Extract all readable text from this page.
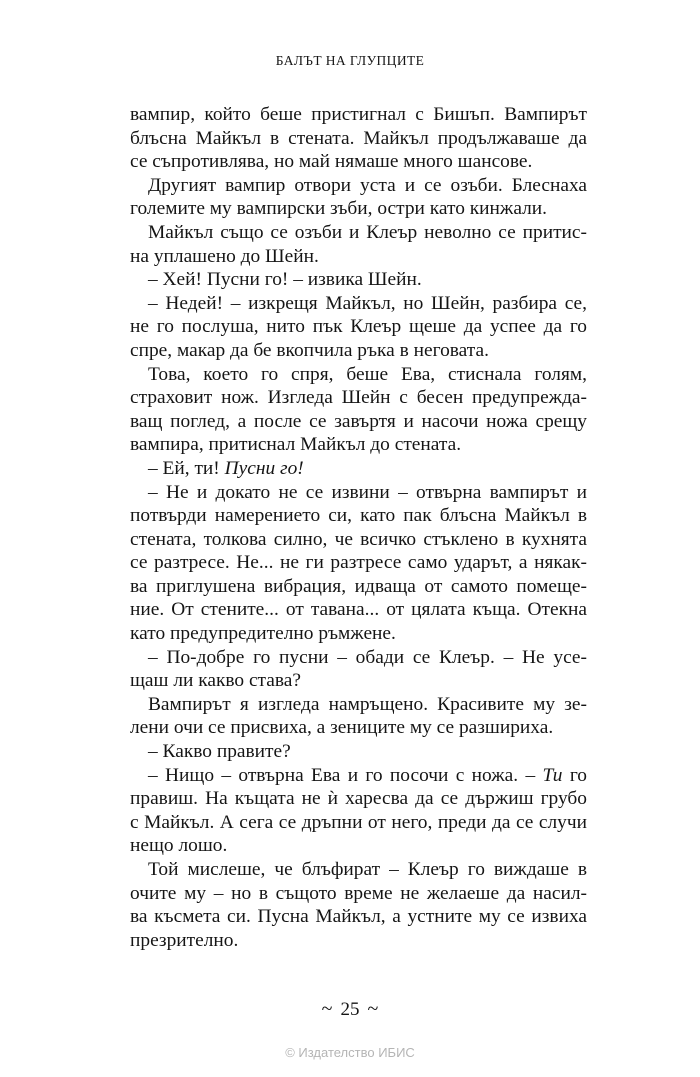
БАЛЪТ НА ГЛУПЦИТЕ
вампир, който беше пристигнал с Бишъп. Вампирът
блъсна Майкъл в стената. Майкъл продължаваше да
се съпротивлява, но май нямаше много шансове.
Другият вампир отвори уста и се озъби. Блеснаха
големите му вампирски зъби, остри като кинжали.
Майкъл също се озъби и Клеър неволно се притис-
на уплашено до Шейн.
– Хей! Пусни го! – извика Шейн.
– Недей! – изкрещя Майкъл, но Шейн, разбира се,
не го послуша, нито пък Клеър щеше да успее да го
спре, макар да бе вкопчила ръка в неговата.
Това, което го спря, беше Ева, стиснала голям,
страховит нож. Изгледа Шейн с бесен предупрежда-
ващ поглед, а после се завъртя и насочи ножа срещу
вампира, притиснал Майкъл до стената.
– Ей, ти! Пусни го!
– Не и докато не се извини – отвърна вампирът и
потвърди намерението си, като пак блъсна Майкъл в
стената, толкова силно, че всичко стъклено в кухнята
се разтресе. Не... не ги разтресе само ударът, а някак-
ва приглушена вибрация, идваща от самото помеще-
ние. От стените... от тавана... от цялата къща. Отекна
като предупредително ръмжене.
– По-добре го пусни – обади се Клеър. – Не усе-
щаш ли какво става?
Вампирът я изгледа намръщено. Красивите му зе-
лени очи се присвиха, а зениците му се разшириха.
– Какво правите?
– Нищо – отвърна Ева и го посочи с ножа. – Ти го
правиш. На къщата не ѝ харесва да се държиш грубо
с Майкъл. А сега се дръпни от него, преди да се случи
нещо лошо.
Той мислеше, че блъфират – Клеър го виждаше в
очите му – но в същото време не желаеше да насил-
ва късмета си. Пусна Майкъл, а устните му се извиха
презрително.
~ 25 ~
© Издателство ИБИС
